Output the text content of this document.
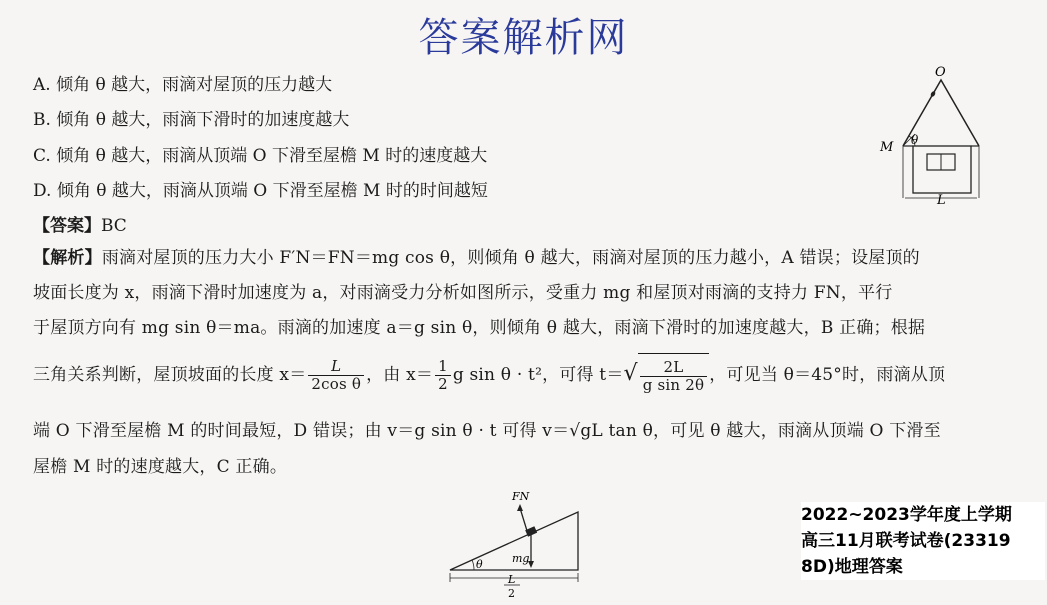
答案解析网
A. 倾角 θ 越大，雨滴对屋顶的压力越大
B. 倾角 θ 越大，雨滴下滑时的加速度越大
C. 倾角 θ 越大，雨滴从顶端 O 下滑至屋檐 M 时的速度越大
D. 倾角 θ 越大，雨滴从顶端 O 下滑至屋檐 M 时的时间越短
【答案】BC
【解析】雨滴对屋顶的压力大小 F′N＝FN＝mg cos θ，则倾角 θ 越大，雨滴对屋顶的压力越小，A 错误；设屋顶的
坡面长度为 x，雨滴下滑时加速度为 a，对雨滴受力分析如图所示，受重力 mg 和屋顶对雨滴的支持力 FN，平行
于屋顶方向有 mg sin θ＝ma。雨滴的加速度 a＝g sin θ，则倾角 θ 越大，雨滴下滑时的加速度越大，B 正确；根据
三角关系判断，屋顶坡面的长度 $x= \frac{L}{\text{2cos θ}}$ ，由 $x= \frac{1}{2}$ g sin θ · t²，可得 $t=√ \frac{2L}{\text{g sin 2θ}}$ ，可见当 θ＝45°时，雨滴从顶
端 O 下滑至屋檐 M 的时间最短，D 错误；由 v＝g sin θ · t 可得 v＝√gL tan θ，可见 θ 越大，雨滴从顶端 O 下滑至
屋檐 M 时的速度越大，C 正确。
O
M θ
L
FN
mg
θ
L
2
2022~2023学年度上学期
高三11月联考试卷(23319
8D)地理答案
